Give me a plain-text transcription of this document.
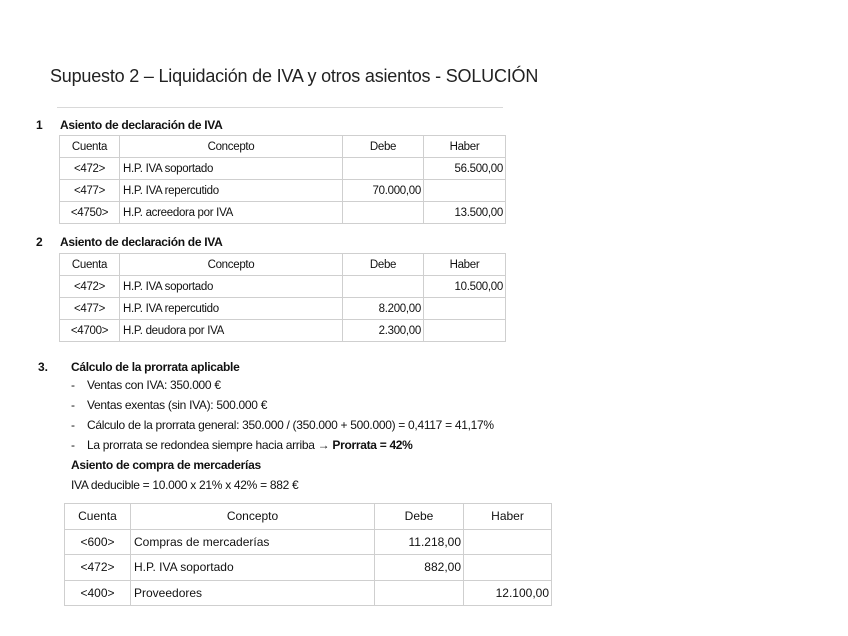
Supuesto 2 – Liquidación de IVA y otros asientos - SOLUCIÓN
1 Asiento de declaración de IVA
Cuenta	Concepto	Debe	Haber
<472>	H.P. IVA soportado		56.500,00
<477>	H.P. IVA repercutido	70.000,00	
<4750>	H.P. acreedora por IVA		13.500,00
2 Asiento de declaración de IVA
Cuenta	Concepto	Debe	Haber
<472>	H.P. IVA soportado		10.500,00
<477>	H.P. IVA repercutido	8.200,00	
<4700>	H.P. deudora por IVA	2.300,00	
3. Cálculo de la prorrata aplicable
- Ventas con IVA: 350.000 €
- Ventas exentas (sin IVA): 500.000 €
- Cálculo de la prorrata general: 350.000 / (350.000 + 500.000) = 0,4117 = 41,17%
- La prorrata se redondea siempre hacia arriba → Prorrata = 42%
Asiento de compra de mercaderías
IVA deducible = 10.000 x 21% x 42% = 882 €
Cuenta	Concepto	Debe	Haber
<600>	Compras de mercaderías	11.218,00	
<472>	H.P. IVA soportado	882,00	
<400>	Proveedores		12.100,00
